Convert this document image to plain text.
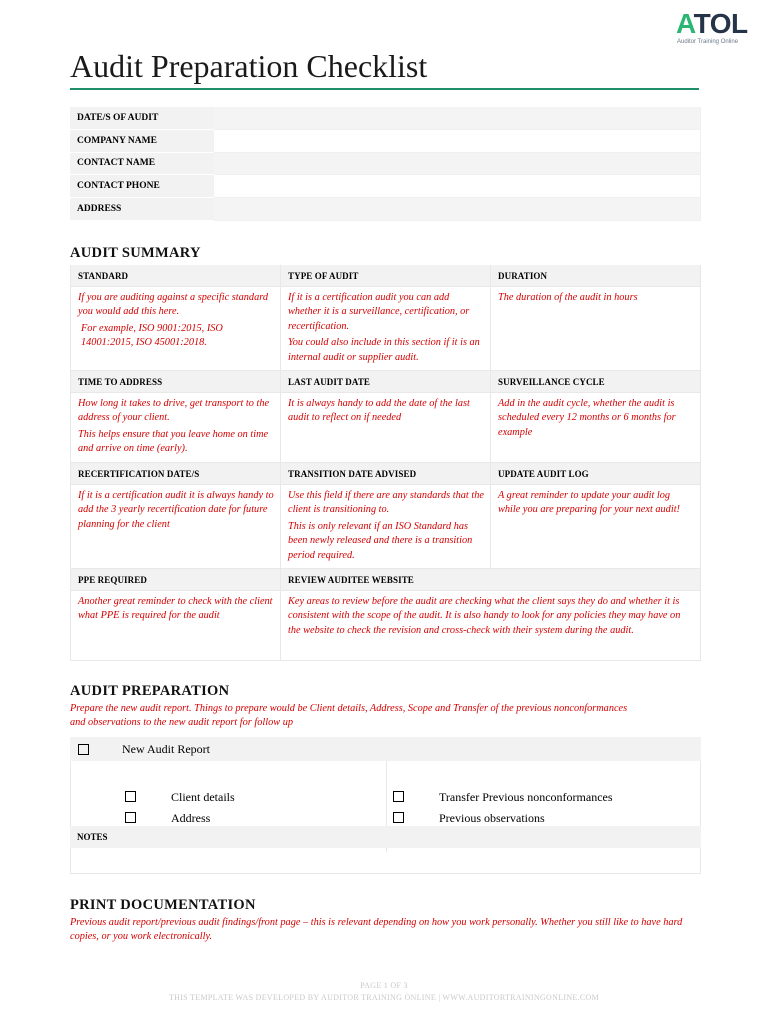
ATOL
Auditor Training Online
Audit Preparation Checklist
DATE/S OF AUDIT
COMPANY NAME
CONTACT NAME
CONTACT PHONE
ADDRESS
AUDIT SUMMARY
STANDARD

If you are auditing against a specific standard you would add this here.

For example, ISO 9001:2015, ISO 14001:2015, ISO 45001:2018.

TYPE OF AUDIT

If it is a certification audit you can add whether it is a surveillance, certification, or recertification.

You could also include in this section if it is an internal audit or supplier audit.

DURATION

The duration of the audit in hours

TIME TO ADDRESS

How long it takes to drive, get transport to the address of your client.

This helps ensure that you leave home on time and arrive on time (early).

LAST AUDIT DATE

It is always handy to add the date of the last audit to reflect on if needed

SURVEILLANCE CYCLE

Add in the audit cycle, whether the audit is scheduled every 12 months or 6 months for example

RECERTIFICATION DATE/S

If it is a certification audit it is always handy to add the 3 yearly recertification date for future planning for the client

TRANSITION DATE ADVISED

Use this field if there are any standards that the client is transitioning to.

This is only relevant if an ISO Standard has been newly released and there is a transition period required.

UPDATE AUDIT LOG

A great reminder to update your audit log while you are preparing for your next audit!

PPE REQUIRED

Another great reminder to check with the client what PPE is required for the audit

REVIEW AUDITEE WEBSITE

Key areas to review before the audit are checking what the client says they do and whether it is consistent with the scope of the audit. It is also handy to look for any policies they may have on the website to check the revision and cross-check with their system during the audit.

AUDIT PREPARATION
Prepare the new audit report. Things to prepare would be Client details, Address, Scope and Transfer of the previous nonconformances and observations to the new audit report for follow up
New Audit Report
Client details
Address
Transfer Previous nonconformances
Previous observations
NOTES
PRINT DOCUMENTATION
Previous audit report/previous audit findings/front page – this is relevant depending on how you work personally. Whether you still like to have hard copies, or you work electronically.
PAGE 1 OF 3
THIS TEMPLATE WAS DEVELOPED BY AUDITOR TRAINING ONLINE | WWW.AUDITORTRAININGONLINE.COM
